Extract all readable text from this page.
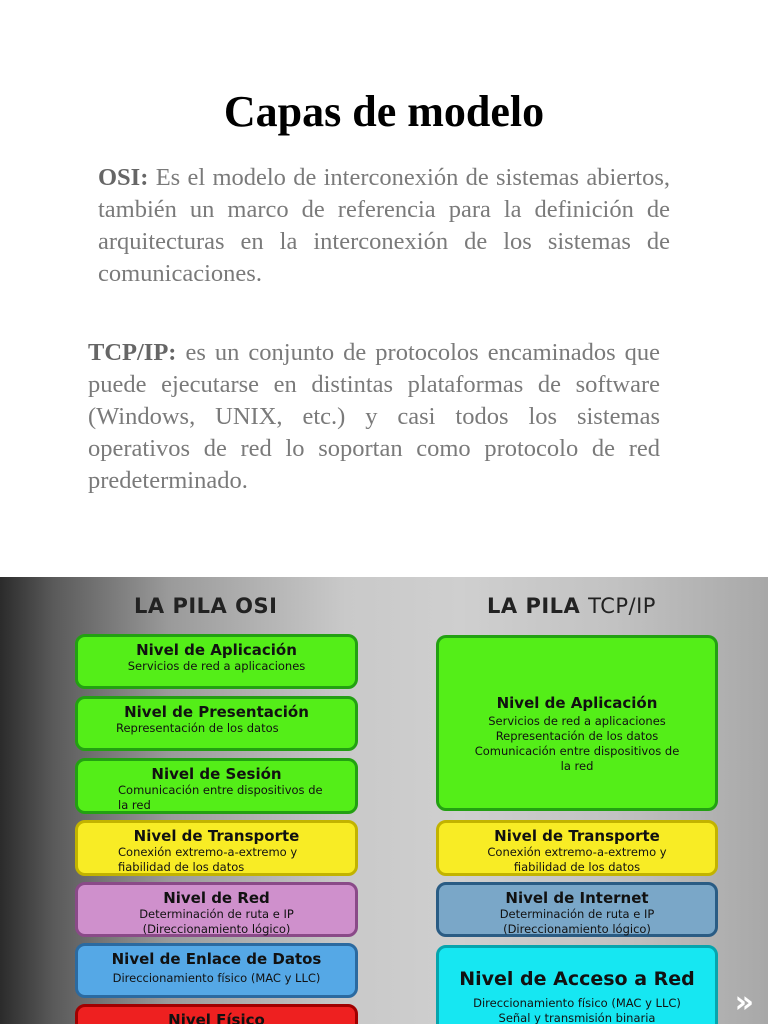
Capas de modelo
OSI: Es el modelo de interconexión de sistemas abiertos, también un marco de referencia para la definición de arquitecturas en la interconexión de los sistemas de comunicaciones.
TCP/IP: es un conjunto de protocolos encaminados que puede ejecutarse en distintas plataformas de software (Windows, UNIX, etc.) y casi todos los sistemas operativos de red lo soportan como protocolo de red predeterminado.
LA PILA OSI	LA PILA TCP/IP
Nivel de Aplicación
Servicios de red a aplicaciones
Nivel de Presentación
Representación de los datos
Nivel de Sesión
Comunicación entre dispositivos de la red
Nivel de Transporte
Conexión extremo-a-extremo y fiabilidad de los datos
Nivel de Red
Determinación de ruta e IP (Direccionamiento lógico)
Nivel de Enlace de Datos
Direccionamiento físico (MAC y LLC)
Nivel Físico
Nivel de Aplicación
Servicios de red a aplicaciones Representación de los datos Comunicación entre dispositivos de la red
Nivel de Transporte
Conexión extremo-a-extremo y fiabilidad de los datos
Nivel de Internet
Determinación de ruta e IP (Direccionamiento lógico)
Nivel de Acceso a Red
Direccionamiento físico (MAC y LLC) Señal y transmisión binaria	»
